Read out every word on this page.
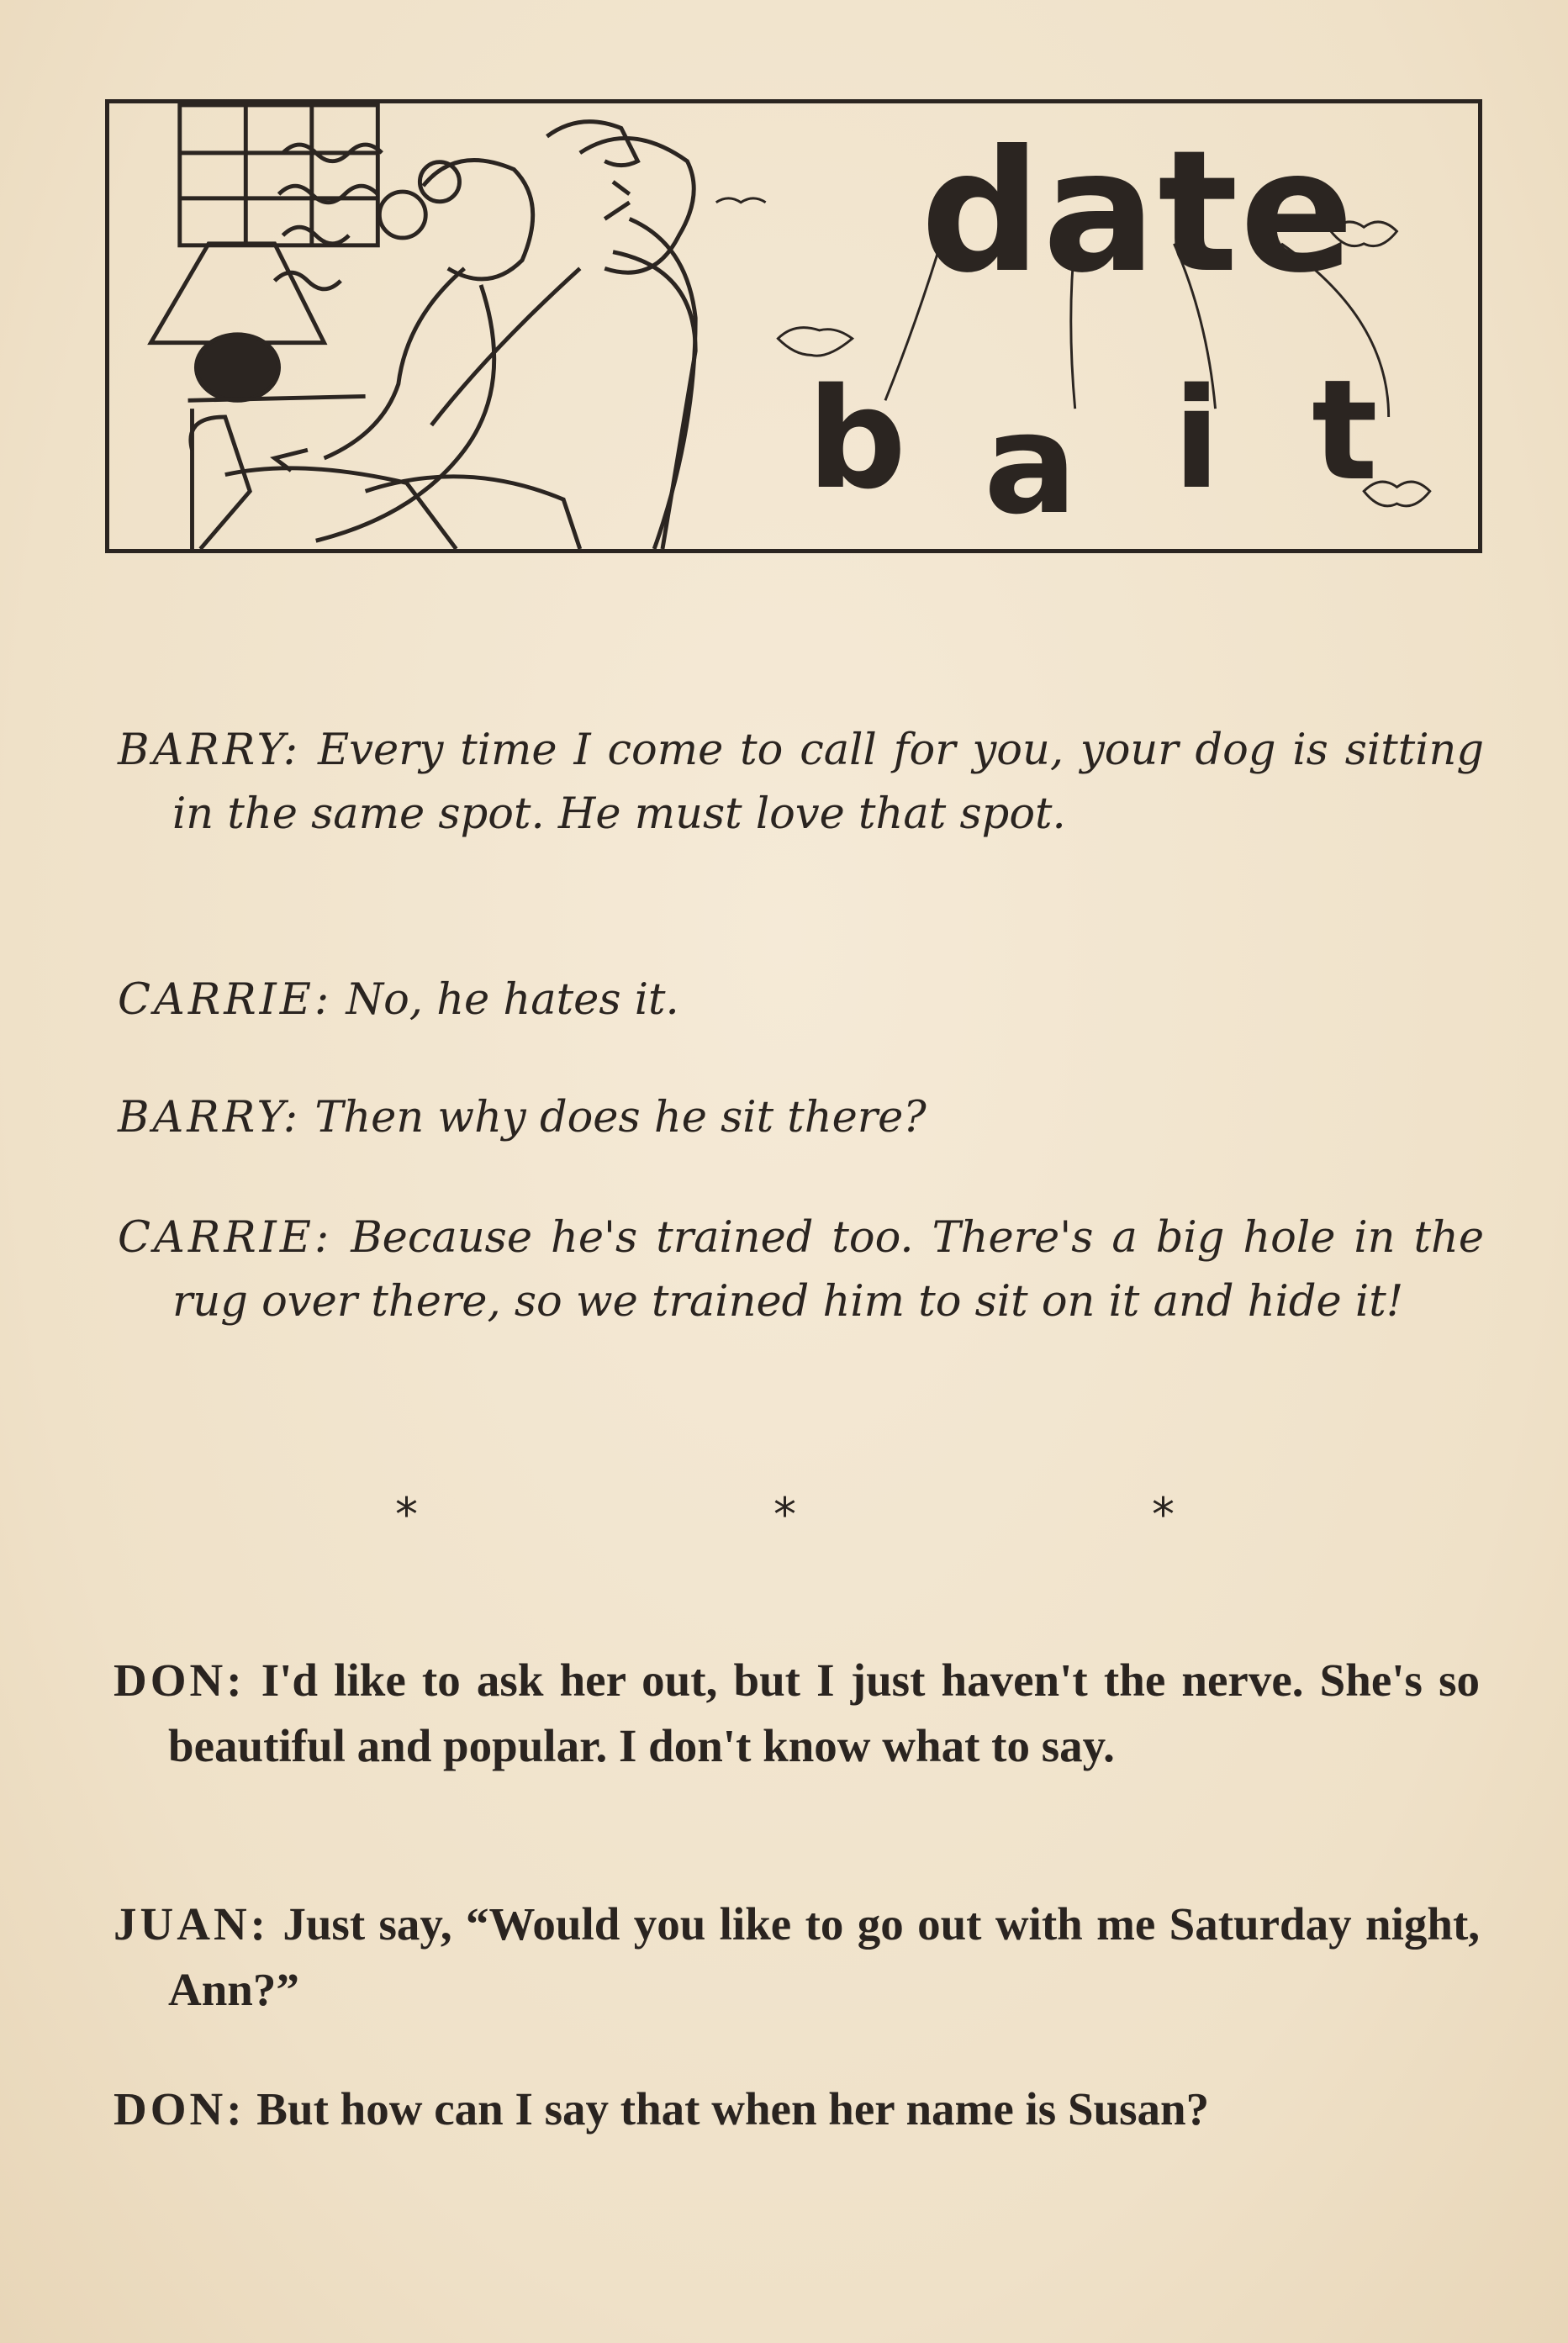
date
b a i t
BARRY: Every time I come to call for you, your dog is sitting in the same spot. He must love that spot.
CARRIE: No, he hates it.
BARRY: Then why does he sit there?
CARRIE: Because he's trained too. There's a big hole in the rug over there, so we trained him to sit on it and hide it!
*	*	*
DON: I'd like to ask her out, but I just haven't the nerve. She's so beautiful and popular. I don't know what to say.
JUAN: Just say, “Would you like to go out with me Saturday night, Ann?”
DON: But how can I say that when her name is Susan?
